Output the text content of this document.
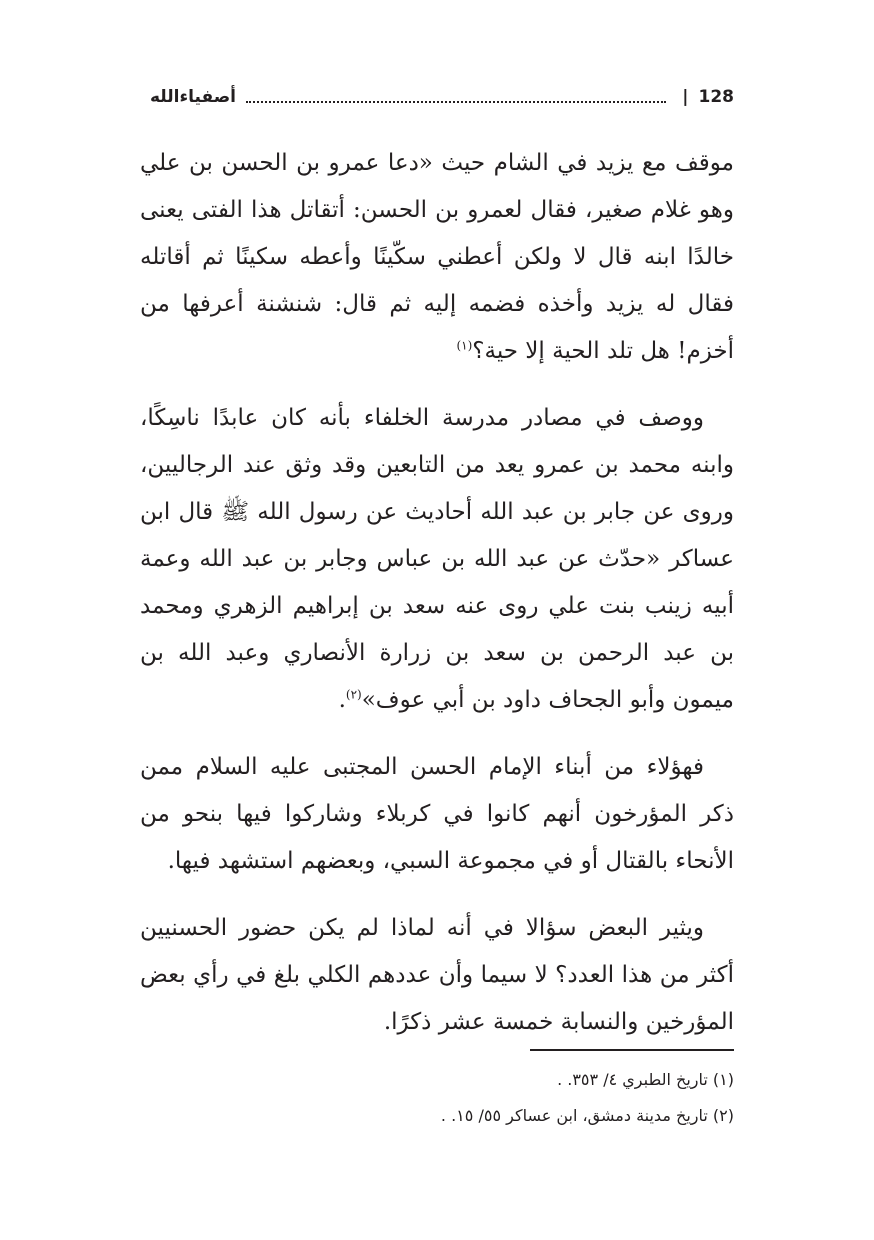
128
|
أصفياءالله

موقف مع يزيد في الشام حيث «دعا عمرو بن الحسن بن علي وهو غلام صغير، فقال لعمرو بن الحسن: أتقاتل هذا الفتى يعنى خالدًا ابنه قال لا ولكن أعطني سكّينًا وأعطه سكينًا ثم أقاتله فقال له يزيد وأخذه فضمه إليه ثم قال: شنشنة أعرفها من أخزم! هل تلد الحية إلا حية؟$^{(١)}$

ووصف في مصادر مدرسة الخلفاء بأنه كان عابدًا ناسِكًا، وابنه محمد بن عمرو يعد من التابعين وقد وثق عند الرجاليين، وروى عن جابر بن عبد الله أحاديث عن رسول الله ﷺ قال ابن عساكر «حدّث عن عبد الله بن عباس وجابر بن عبد الله وعمة أبيه زينب بنت علي روى عنه سعد بن إبراهيم الزهري ومحمد بن عبد الرحمن بن سعد بن زرارة الأنصاري وعبد الله بن ميمون وأبو الجحاف داود بن أبي عوف»$^{(٢)}$.

فهؤلاء من أبناء الإمام الحسن المجتبى عليه السلام ممن ذكر المؤرخون أنهم كانوا في كربلاء وشاركوا فيها بنحو من الأنحاء بالقتال أو في مجموعة السبي، وبعضهم استشهد فيها.

ويثير البعض سؤالا في أنه لماذا لم يكن حضور الحسنيين أكثر من هذا العدد؟ لا سيما وأن عددهم الكلي بلغ في رأي بعض المؤرخين والنسابة خمسة عشر ذكرًا.

(١) تاريخ الطبري ٤/ ٣٥٣. .
(٢) تاريخ مدينة دمشق، ابن عساكر ٥٥/ ١٥. .
